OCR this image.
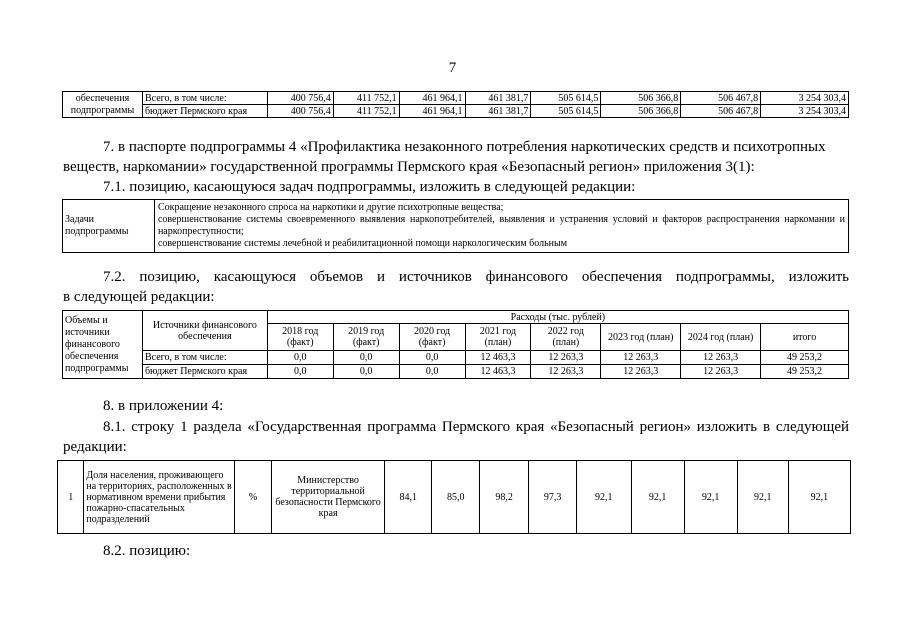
7
обеспечения
подпрограммы	Всего, в том числе:	400 756,4	411 752,1	461 964,1	461 381,7	505 614,5	506 366,8	506 467,8	3 254 303,4
	бюджет Пермского края	400 756,4	411 752,1	461 964,1	461 381,7	505 614,5	506 366,8	506 467,8	3 254 303,4
7. в паспорте подпрограммы 4 «Профилактика незаконного потребления наркотических средств и психотропных веществ, наркомании» государственной программы Пермского края «Безопасный регион» приложения 3(1):
7.1. позицию, касающуюся задач подпрограммы, изложить в следующей редакции:
Задачи подпрограммы	Сокращение незаконного спроса на наркотики и другие психотропные вещества;
совершенствование системы своевременного выявления наркопотребителей, выявления и устранения условий и факторов распространения наркомании и наркопреступности;
совершенствование системы лечебной и реабилитационной помощи наркологическим больным
7.2. позицию, касающуюся объемов и источников финансового обеспечения подпрограммы, изложить
в следующей редакции:
Объемы и источники финансового обеспечения подпрограммы	Источники финансового обеспечения	Расходы (тыс. рублей)							
		2018 год (факт)	2019 год (факт)	2020 год (факт)	2021 год (план)	2022 год (план)	2023 год (план)	2024 год (план)	итого
	Всего, в том числе:	0,0	0,0	0,0	12 463,3	12 263,3	12 263,3	12 263,3	49 253,2
	бюджет Пермского края	0,0	0,0	0,0	12 463,3	12 263,3	12 263,3	12 263,3	49 253,2
8. в приложении 4:
8.1. строку 1 раздела «Государственная программа Пермского края «Безопасный регион» изложить в следующей редакции:
1	Доля населения, проживающего на территориях, расположенных в нормативном времени прибытия пожарно-спасательных подразделений	%	Министерство территориальной безопасности Пермского края	84,1	85,0	98,2	97,3	92,1	92,1	92,1	92,1	92,1
8.2. позицию:
